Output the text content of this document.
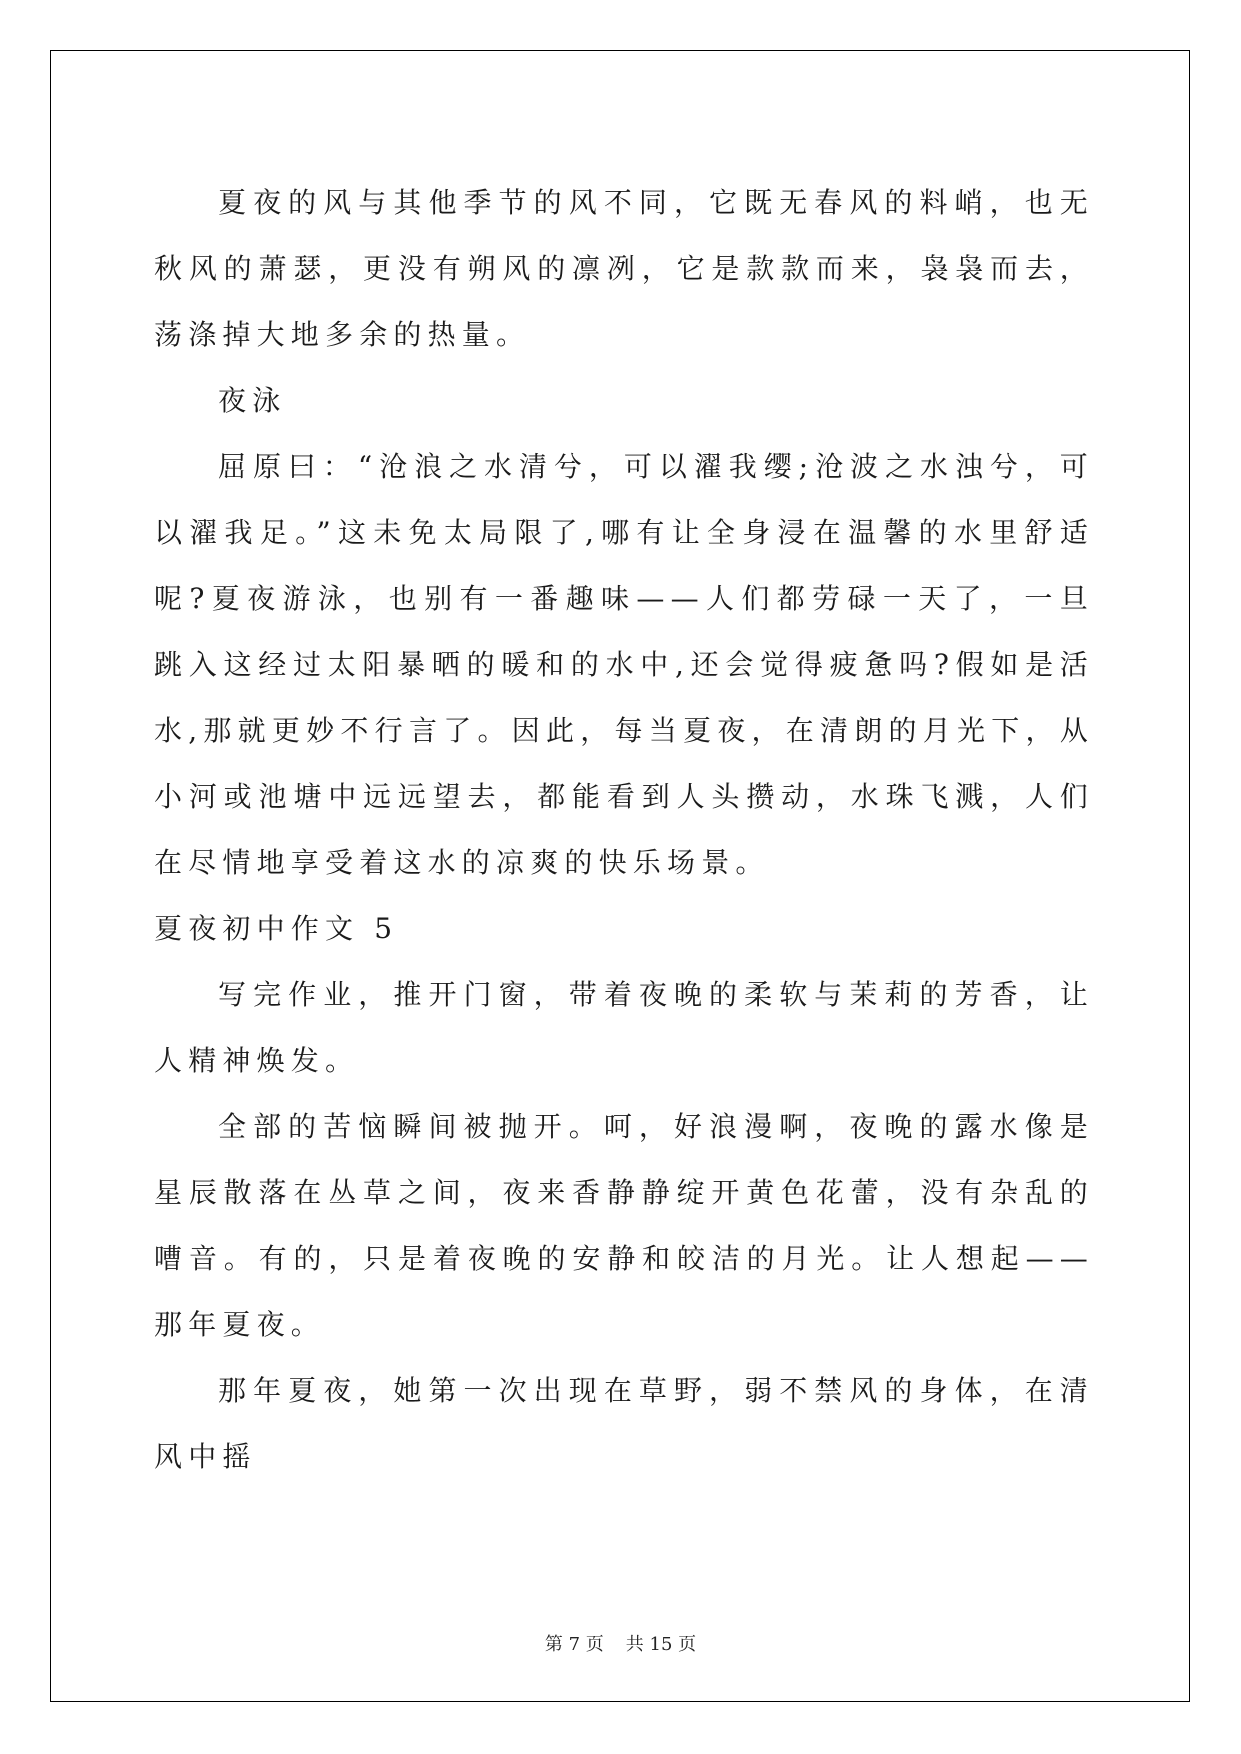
夏夜的风与其他季节的风不同，它既无春风的料峭，也无秋风的萧瑟，更没有朔风的凛冽，它是款款而来，袅袅而去，荡涤掉大地多余的热量。

夜泳

屈原曰：“沧浪之水清兮，可以濯我缨;沧波之水浊兮，可以濯我足。”这未免太局限了,哪有让全身浸在温馨的水里舒适呢?夏夜游泳，也别有一番趣味——人们都劳碌一天了，一旦跳入这经过太阳暴晒的暖和的水中,还会觉得疲惫吗?假如是活水,那就更妙不行言了。因此，每当夏夜，在清朗的月光下，从小河或池塘中远远望去，都能看到人头攒动，水珠飞溅，人们在尽情地享受着这水的凉爽的快乐场景。

夏夜初中作文 5

写完作业，推开门窗，带着夜晚的柔软与茉莉的芳香，让人精神焕发。

全部的苦恼瞬间被抛开。呵，好浪漫啊，夜晚的露水像是星辰散落在丛草之间，夜来香静静绽开黄色花蕾，没有杂乱的嘈音。有的，只是着夜晚的安静和皎洁的月光。让人想起——那年夏夜。

那年夏夜，她第一次出现在草野，弱不禁风的身体，在清风中摇

第 7 页 共 15 页
